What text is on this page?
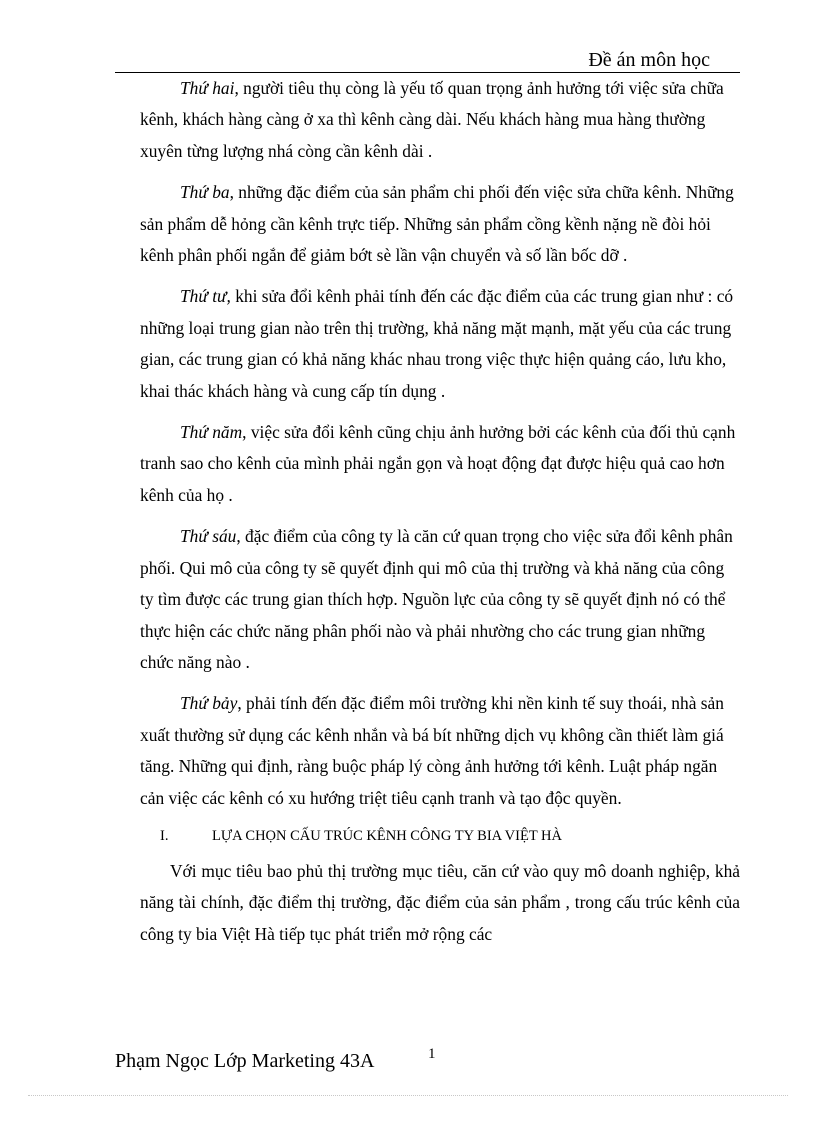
Đề án môn học

Thứ hai, người tiêu thụ còng là yếu tố quan trọng ảnh hưởng tới việc sửa chữa kênh, khách hàng càng ở xa thì kênh càng dài. Nếu khách hàng mua hàng thường xuyên từng lượng nhá còng cần kênh dài .

Thứ ba, những đặc điểm của sản phẩm chi phối đến việc sửa chữa kênh. Những sản phẩm dễ hỏng cần kênh trực tiếp. Những sản phẩm cồng kềnh nặng nề đòi hỏi kênh phân phối ngắn để giảm bớt sè lần vận chuyển và số lần bốc dỡ .

Thứ tư, khi sửa đổi kênh phải tính đến các đặc điểm của các trung gian như : có những loại trung gian nào trên thị trường, khả năng mặt mạnh, mặt yếu của các trung gian, các trung gian có khả năng khác nhau trong việc thực hiện quảng cáo, lưu kho, khai thác khách hàng và cung cấp tín dụng .

Thứ năm, việc sửa đổi kênh cũng chịu ảnh hưởng bởi các kênh của đối thủ cạnh tranh sao cho kênh của mình phải ngắn gọn và hoạt động đạt được hiệu quả cao hơn kênh của họ .

Thứ sáu, đặc điểm của công ty là căn cứ quan trọng cho việc sửa đổi kênh phân phối. Qui mô của công ty sẽ quyết định qui mô của thị trường và khả năng của công ty tìm được các trung gian thích hợp. Nguồn lực của công ty sẽ quyết định nó có thể thực hiện các chức năng phân phối nào và phải nhường cho các trung gian những chức năng nào .

Thứ bảy, phải tính đến đặc điểm môi trường khi nền kinh tế suy thoái, nhà sản xuất thường sử dụng các kênh nhắn và bá bít những dịch vụ không cần thiết làm giá tăng. Những qui định, ràng buộc pháp lý còng ảnh hưởng tới kênh. Luật pháp ngăn cản việc các kênh có xu hướng triệt tiêu cạnh tranh và tạo độc quyền.

I.	LỰA CHỌN CẤU TRÚC KÊNH CÔNG TY BIA VIỆT HÀ

Với mục tiêu bao phủ thị trường mục tiêu, căn cứ vào quy mô doanh nghiệp, khả năng tài chính, đặc điểm thị trường, đặc điểm của sản phẩm , trong cấu trúc kênh của công ty bia Việt Hà tiếp tục phát triển mở rộng các

Phạm Ngọc Lớp Marketing 43A	1
